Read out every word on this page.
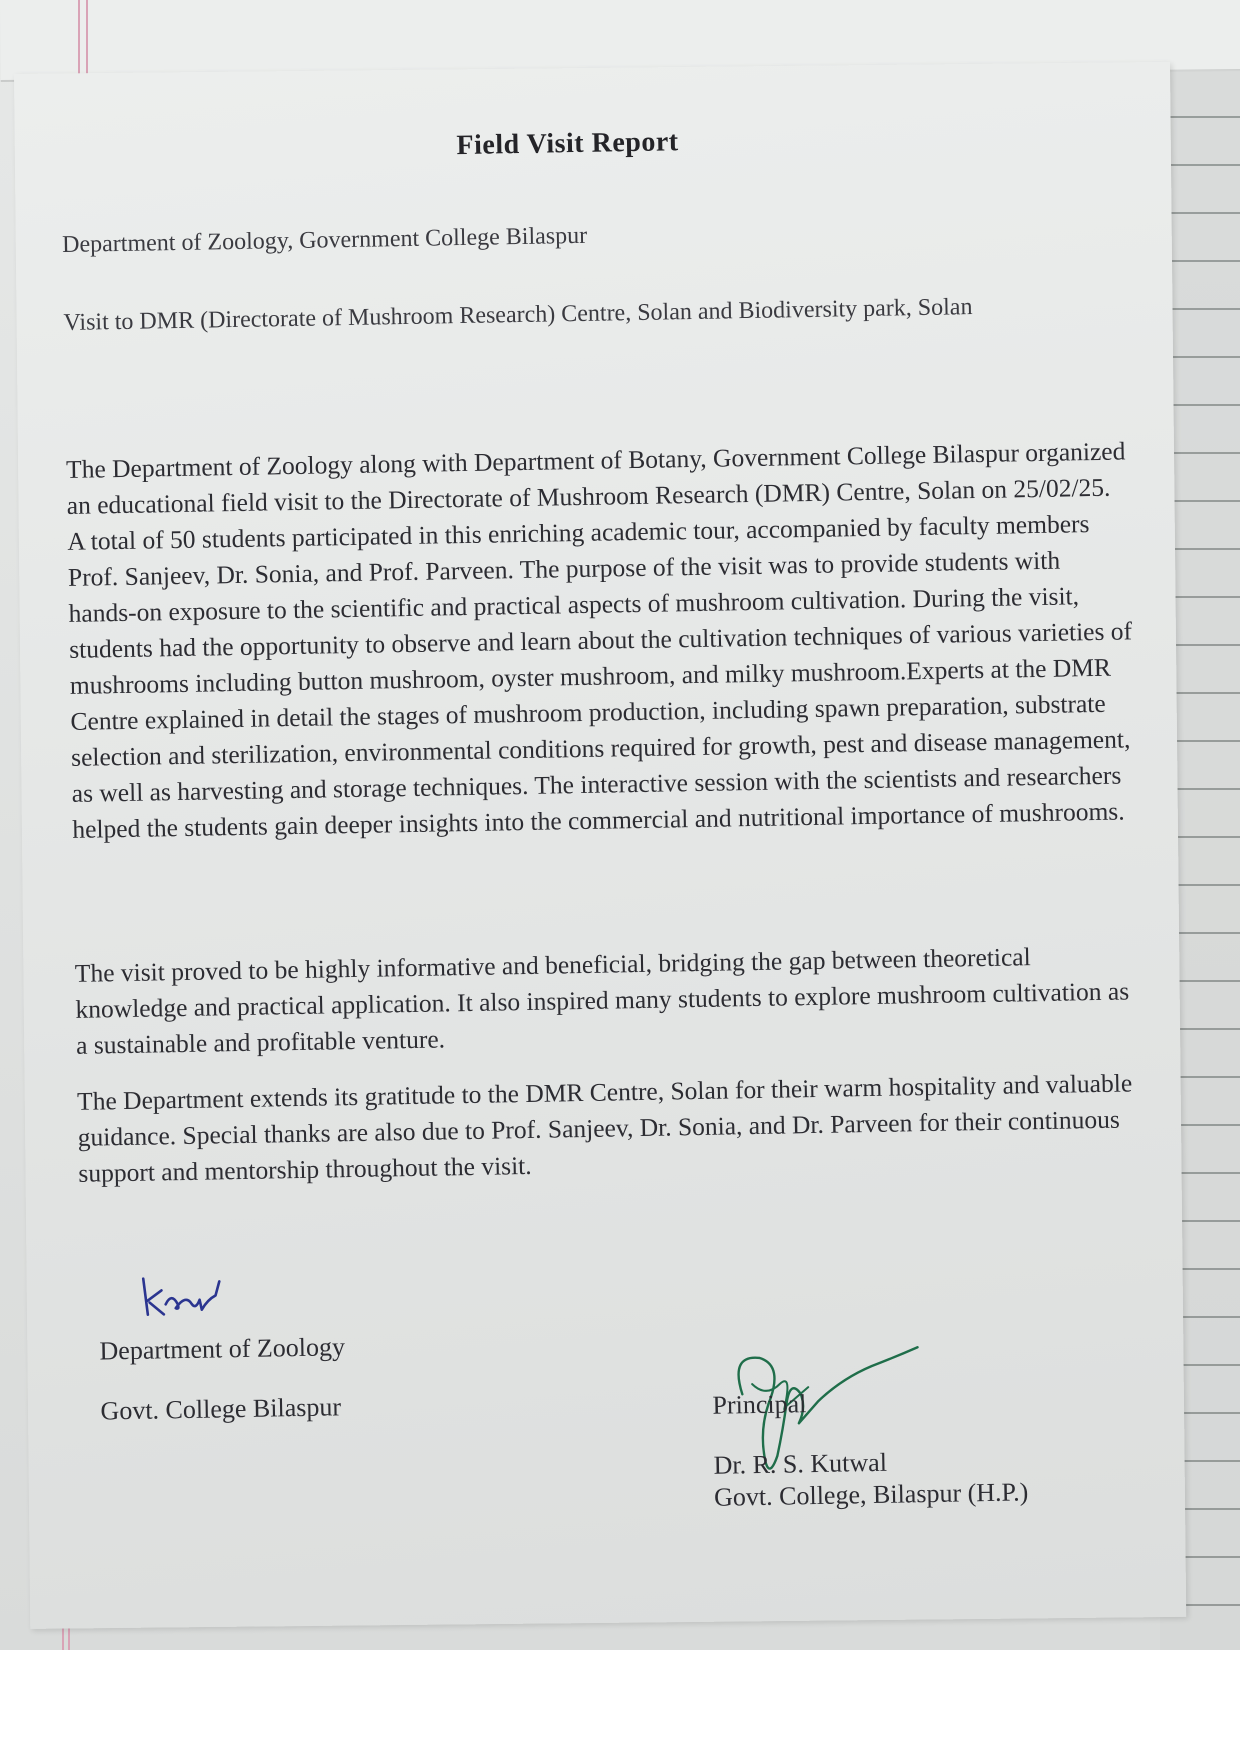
Field Visit Report
Department of Zoology, Government College Bilaspur
Visit to DMR (Directorate of Mushroom Research) Centre, Solan and Biodiversity park, Solan
The Department of Zoology along with Department of Botany, Government College Bilaspur organized an educational field visit to the Directorate of Mushroom Research (DMR) Centre, Solan on 25/02/25. A total of 50 students participated in this enriching academic tour, accompanied by faculty members Prof. Sanjeev, Dr. Sonia, and Prof. Parveen. The purpose of the visit was to provide students with hands-on exposure to the scientific and practical aspects of mushroom cultivation. During the visit, students had the opportunity to observe and learn about the cultivation techniques of various varieties of mushrooms including button mushroom, oyster mushroom, and milky mushroom.Experts at the DMR Centre explained in detail the stages of mushroom production, including spawn preparation, substrate selection and sterilization, environmental conditions required for growth, pest and disease management, as well as harvesting and storage techniques. The interactive session with the scientists and researchers helped the students gain deeper insights into the commercial and nutritional importance of mushrooms.
The visit proved to be highly informative and beneficial, bridging the gap between theoretical knowledge and practical application. It also inspired many students to explore mushroom cultivation as a sustainable and profitable venture.
The Department extends its gratitude to the DMR Centre, Solan for their warm hospitality and valuable guidance. Special thanks are also due to Prof. Sanjeev, Dr. Sonia, and Dr. Parveen for their continuous support and mentorship throughout the visit.
Department of Zoology
Govt. College Bilaspur	Principal
Dr. R. S. Kutwal
Govt. College, Bilaspur (H.P.)
